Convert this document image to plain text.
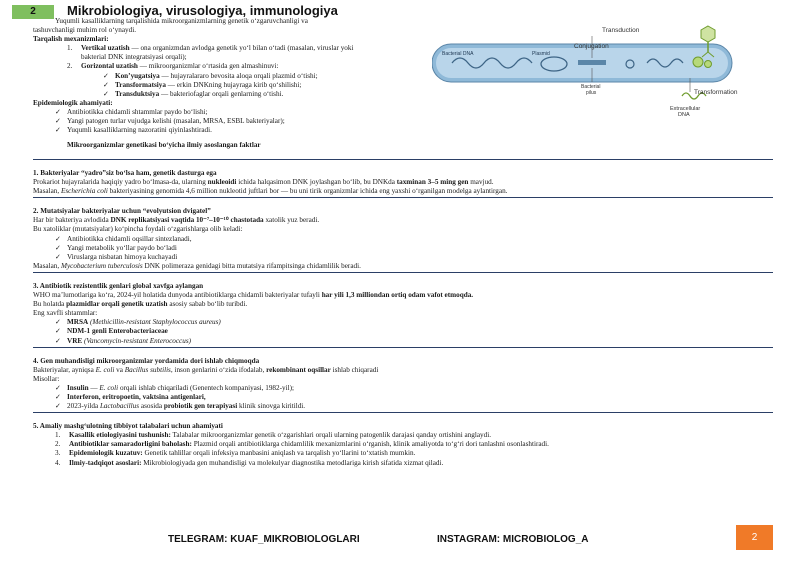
2	Mikrobiologiya, virusologiya, immunologiya
Yuqumli kasalliklarning tarqalishida mikroorganizmlarning genetik o‘zgaruvchanligi va
tashuvchanligi muhim rol o‘ynaydi.
Tarqalish mexanizmlari:
1. Vertikal uzatish — ona organizmdan avlodga genetik yo‘l bilan o‘tadi (masalan, viruslar yoki
bakterial DNK integratsiyasi orqali);
2. Gorizontal uzatish — mikroorganizmlar o‘rtasida gen almashinuvi:
✓ Kon’yugatsiya — hujayralararo bevosita aloqa orqali plazmid o‘tishi;
✓ Transformatsiya — erkin DNKning hujayraga kirib qo‘shilishi;
✓ Transduktsiya — bakteriofaglar orqali genlarning o‘tishi.
Epidemiologik ahamiyati:
✓ Antibiotikka chidamli shtammlar paydo bo‘lishi;
✓ Yangi patogen turlar vujudga kelishi (masalan, MRSA, ESBL bakteriyalar);
✓ Yuqumli kasalliklarning nazoratini qiyinlashtiradi.
Mikroorganizmlar genetikasi bo‘yicha ilmiy asoslangan faktlar
Transduction
Conjugation
Bacterial DNA	Plasmid
Bacterial
pilus	Transformation
Extracellular
DNA
1. Bakteriyalar “yadro”siz bo‘lsa ham, genetik dasturga ega
Prokariot hujayralarida haqiqiy yadro bo‘lmasa-da, ularning nukleoidi ichida halqasimon DNK joylashgan bo‘lib, bu DNKda taxminan 3–5 ming gen mavjud.
Masalan, Escherichia coli bakteriyasining genomida 4,6 million nukleotid juftlari bor — bu uni tirik organizmlar ichida eng yaxshi o‘rganilgan modelga aylantirgan.
2. Mutatsiyalar bakteriyalar uchun “evolyutsion dvigatel”
Har bir bakteriya avlodida DNK replikatsiyasi vaqtida 10⁻⁷–10⁻¹⁰ chastotada xatolik yuz beradi.
Bu xatoliklar (mutatsiyalar) ko‘pincha foydali o‘zgarishlarga olib keladi:
✓ Antibiotikka chidamli oqsillar sintezlanadi,
✓ Yangi metabolik yo‘llar paydo bo‘ladi
✓ Viruslarga nisbatan himoya kuchayadi
Masalan, Mycobacterium tuberculosis DNK polimeraza genidagi bitta mutatsiya rifampitsinga chidamlilik beradi.
3. Antibiotik rezistentlik genlari global xavfga aylangan
WHO ma’lumotlariga ko‘ra, 2024-yil holatida dunyoda antibiotiklarga chidamli bakteriyalar tufayli har yili 1,3 milliondan ortiq odam vafot etmoqda.
Bu holatda plazmidlar orqali genetik uzatish asosiy sabab bo‘lib turibdi.
Eng xavfli shtammlar:
✓ MRSA (Methicillin-resistant Staphylococcus aureus)
✓ NDM-1 genli Enterobacteriaceae
✓ VRE (Vancomycin-resistant Enterococcus)
4. Gen muhandisligi mikroorganizmlar yordamida dori ishlab chiqmoqda
Bakteriyalar, ayniqsa E. coli va Bacillus subtilis, inson genlarini o‘zida ifodalab, rekombinant oqsillar ishlab chiqaradi
Misollar:
✓ Insulin — E. coli orqali ishlab chiqariladi (Genentech kompaniyasi, 1982-yil);
✓ Interferon, eritropoetin, vaktsina antigenlari,
✓ 2023-yilda Lactobacillus asosida probiotik gen terapiyasi klinik sinovga kiritildi.
5. Amaliy mashg‘ulotning tibbiyot talabalari uchun ahamiyati
1. Kasallik etiologiyasini tushunish: Talabalar mikroorganizmlar genetik o‘zgarishlari orqali ularning patogenlik darajasi qanday ortishini anglaydi.
2. Antibiotiklar samaradorligini baholash: Plazmid orqali antibiotiklarga chidamlilik mexanizmlarini o‘rganish, klinik amaliyotda to‘g‘ri dori tanlashni osonlashtiradi.
3. Epidemiologik kuzatuv: Genetik tahlillar orqali infeksiya manbasini aniqlash va tarqalish yo‘llarini to‘xtatish mumkin.
4. Ilmiy-tadqiqot asoslari: Mikrobiologiyada gen muhandisligi va molekulyar diagnostika metodlariga kirish sifatida xizmat qiladi.
TELEGRAM: KUAF_MIKROBIOLOGLARI	INSTAGRAM: MICROBIOLOG_A	2
